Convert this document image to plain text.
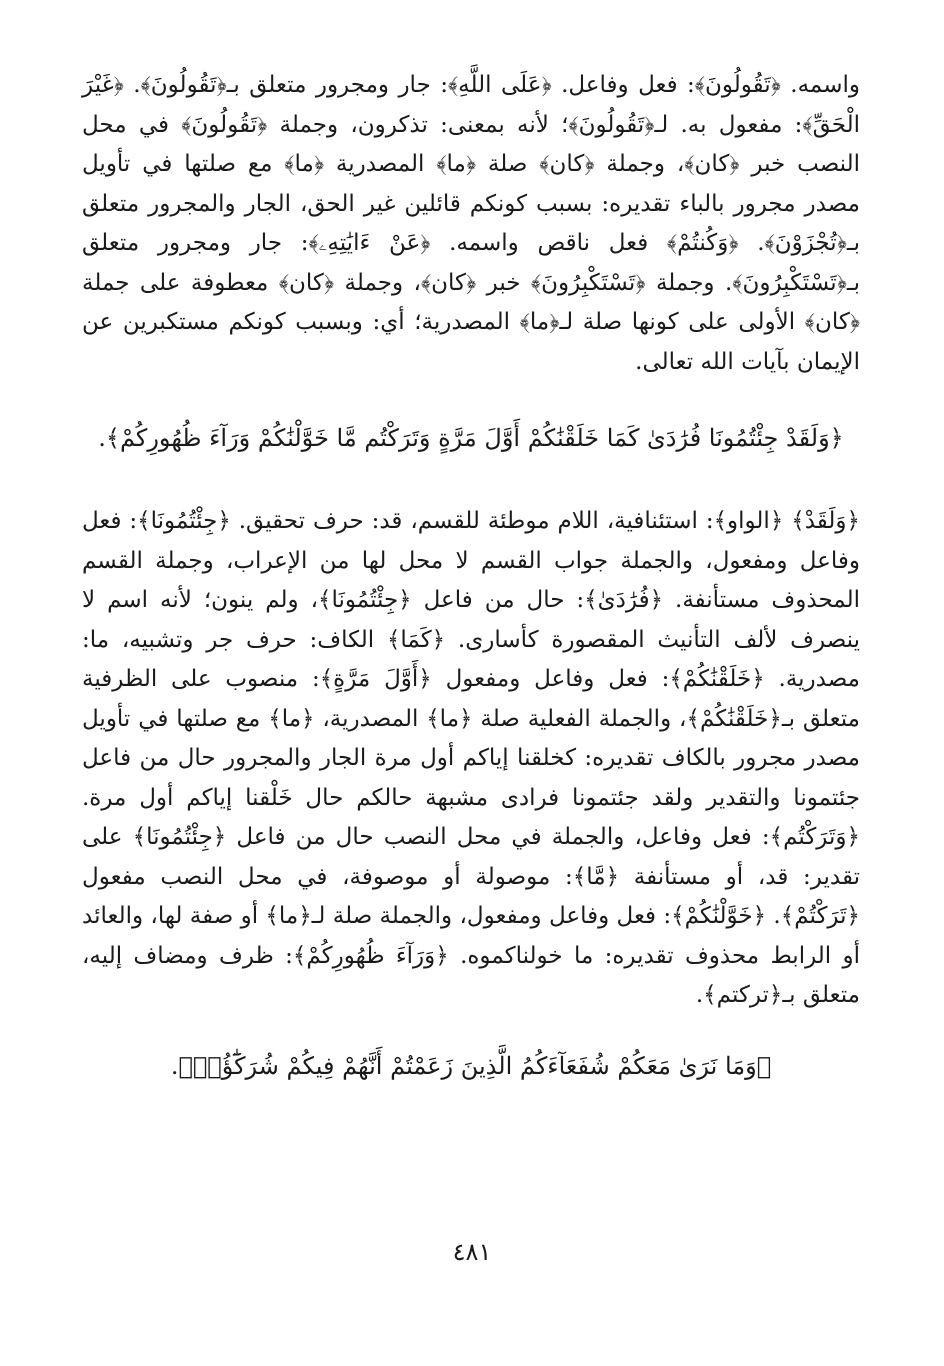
واسمه. ﴿تَقُولُونَ﴾: فعل وفاعل. ﴿عَلَى اللَّهِ﴾: جار ومجرور متعلق بـ﴿تَقُولُونَ﴾. ﴿غَيْرَ الْحَقِّ﴾: مفعول به. لـ﴿تَقُولُونَ﴾؛ لأنه بمعنى: تذكرون، وجملة ﴿تَقُولُونَ﴾ في محل النصب خبر ﴿كان﴾، وجملة ﴿كان﴾ صلة ﴿ما﴾ المصدرية ﴿ما﴾ مع صلتها في تأويل مصدر مجرور بالباء تقديره: بسبب كونكم قائلين غير الحق، الجار والمجرور متعلق بـ﴿تُجْزَوْنَ﴾. ﴿وَكُنتُمْ﴾ فعل ناقص واسمه. ﴿عَنْ ءَايَٰتِهِۦ﴾: جار ومجرور متعلق بـ﴿تَسْتَكْبِرُونَ﴾. وجملة ﴿تَسْتَكْبِرُونَ﴾ خبر ﴿كان﴾، وجملة ﴿كان﴾ معطوفة على جملة ﴿كان﴾ الأولى على كونها صلة لـ﴿ما﴾ المصدرية؛ أي: وبسبب كونكم مستكبرين عن الإيمان بآيات الله تعالى.

﴿وَلَقَدْ جِئْتُمُونَا فُرَٰدَىٰ كَمَا خَلَقْنَٰكُمْ أَوَّلَ مَرَّةٍ وَتَرَكْتُم مَّا خَوَّلْنَٰكُمْ وَرَآءَ ظُهُورِكُمْ﴾.

﴿وَلَقَدْ﴾ ﴿الواو﴾: استئنافية، اللام موطئة للقسم، قد: حرف تحقيق. ﴿جِئْتُمُونَا﴾: فعل وفاعل ومفعول، والجملة جواب القسم لا محل لها من الإعراب، وجملة القسم المحذوف مستأنفة. ﴿فُرَٰدَىٰ﴾: حال من فاعل ﴿جِئْتُمُونَا﴾، ولم ينون؛ لأنه اسم لا ينصرف لألف التأنيث المقصورة كأسارى. ﴿كَمَا﴾ الكاف: حرف جر وتشبيه، ما: مصدرية. ﴿خَلَقْنَٰكُمْ﴾: فعل وفاعل ومفعول ﴿أَوَّلَ مَرَّةٍ﴾: منصوب على الظرفية متعلق بـ﴿خَلَقْنَٰكُمْ﴾، والجملة الفعلية صلة ﴿ما﴾ المصدرية، ﴿ما﴾ مع صلتها في تأويل مصدر مجرور بالكاف تقديره: كخلقنا إياكم أول مرة الجار والمجرور حال من فاعل جئتمونا والتقدير ولقد جئتمونا فرادى مشبهة حالكم حال خَلْقنا إياكم أول مرة. ﴿وَتَرَكْتُم﴾: فعل وفاعل، والجملة في محل النصب حال من فاعل ﴿جِئْتُمُونَا﴾ على تقدير: قد، أو مستأنفة ﴿مَّا﴾: موصولة أو موصوفة، في محل النصب مفعول ﴿تَرَكْتُمْ﴾. ﴿خَوَّلْنَٰكُمْ﴾: فعل وفاعل ومفعول، والجملة صلة لـ﴿ما﴾ أو صفة لها، والعائد أو الرابط محذوف تقديره: ما خولناكموه. ﴿وَرَآءَ ظُهُورِكُمْ﴾: ظرف ومضاف إليه، متعلق بـ﴿تركتم﴾.

﴿وَمَا نَرَىٰ مَعَكُمْ شُفَعَآءَكُمُ الَّذِينَ زَعَمْتُمْ أَنَّهُمْ فِيكُمْ شُرَكَٰٓؤُا۟﴾.

٤٨١
